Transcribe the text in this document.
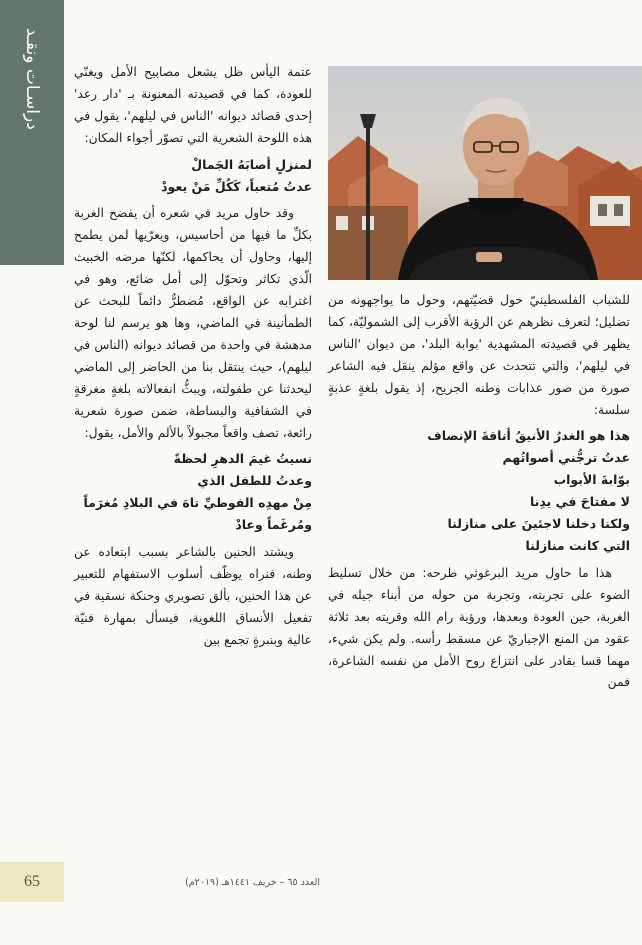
دراسـات ونقـد	عتمة اليأس ظل يشعل مصابيح الأمل ويغنّي للعودة، كما في قصيدته المعنونة بـ 'دار رعد' إحدى قصائد ديوانه 'الناس في ليلهم'، يقول في هذه اللوحة الشعرية التي تصوّر أجواء المكان:

لمنزلٍ أصابَهُ الجَمالْ
عدتُ مُتعباً، كَكُلِّ مَنْ يعودْ

وقد حاول مريد في شعره أن يفضح الغربة بكلِّ ما فيها من أحاسيس، ويعرّيها لمن يطمح إليها، وحاول أن يحاكمها، لكنّها مرضه الخبيث الّذي تكاثر وتحوّل إلى أمل ضائع، وهو في اغترابه عن الواقع، مُضطرٌّ دائماً للبحث عن الطمأنينة في الماضي، وها هو يرسم لنا لوحة مدهشة في واحدة من قصائد ديوانه (الناس في ليلهم)، حيث ينتقل بنا من الحاضر إلى الماضي ليحدثنا عن طفولته، ويبثُّ انفعالاته بلغةٍ مغرقةٍ في الشفافية والبساطة، ضمن صورة شعرية رائعة، تصف واقعاً مجبولاً بالألم والأمل، يقول:

نسيتُ غيمَ الدهرِ لحظةً
وعدتُ للطفل الذي
مِنْ مهدِه الفوطيِّ تاهَ في البلادِ مُغرَماً
ومُرغَماً وعادْ

ويشتد الحنين بالشاعر بسبب ابتعاده عن وطنه، فنراه يوظّف أسلوب الاستفهام للتعبير عن هذا الحنين، بألق تصويري وحنكة نسقية في تفعيل الأنساق اللغوية، فيسأل بمهارة فنيّة عالية وبنبرةٍ تجمع بين

للشباب الفلسطينيّ حول قضيّتهم، وحول ما يواجهونه من تضليل؛ لتعرف نظرهم عن الرؤية الأقرب إلى الشموليّة، كما يظهر في قصيدته المشهدية 'بوابة البلد'، من ديوان 'الناس في ليلهم'، والتي تتحدث عن واقع مؤلم ينقل فيه الشاعر صورة من صور عذابات وطنه الجريح، إذ يقول بلغةٍ عذبةٍ سلسة:

هذا هو الغدرُ الأنيقُ أناقةَ الإنصاف
عدتُ ترجُّني أصواتُهم
بوّابةَ الأبواب
لا مفتاحَ في يدِنا
ولكنا دخلنا لاجئينَ على منازلنا
التي كانت منازلنا

هذا ما حاول مريد البرغوثي طرحه: من خلال تسليط الضوء على تجربته، وتجربة من حوله من أبناء جيله في الغربة، حين العودة وبعدها، ورؤية رام الله وقريته بعد ثلاثة عقود من المنع الإجباريّ عن مسقط رأسه. ولم يكن شيء، مهما قسا بقادر على انتزاع روح الأمل من نفسه الشاعرة، فمن

العدد ٦٥ – خريف ١٤٤١هـ (٢٠١٩م)
65
